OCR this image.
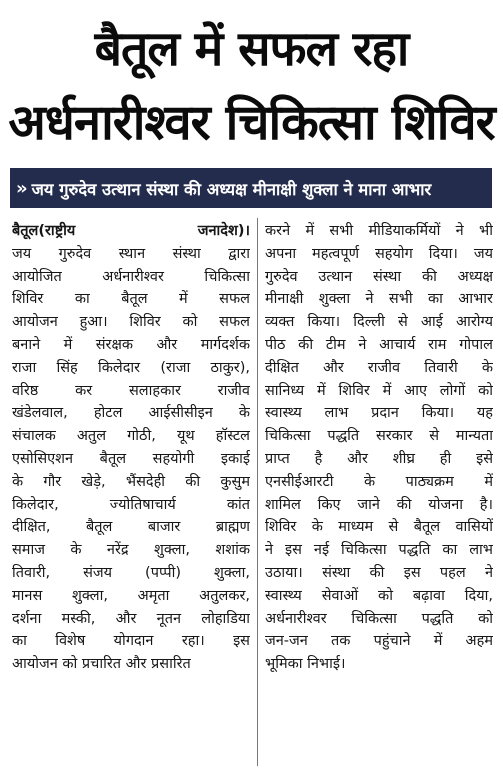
बैतूल में सफल रहा
अर्धनारीश्वर चिकित्सा शिविर
» जय गुरुदेव उत्थान संस्था की अध्यक्ष मीनाक्षी शुक्ला ने माना आभार
बैतूल(राष्ट्रीय जनादेश)।
जय गुरुदेव स्थान संस्था द्वारा
आयोजित अर्धनारीश्वर चिकित्सा
शिविर का बैतूल में सफल
आयोजन हुआ। शिविर को सफल
बनाने में संरक्षक और मार्गदर्शक
राजा सिंह किलेदार (राजा ठाकुर),
वरिष्ठ कर सलाहकार राजीव
खंडेलवाल, होटल आईसीसीइन के
संचालक अतुल गोठी, यूथ हॉस्टल
एसोसिएशन बैतूल सहयोगी इकाई
के गौर खेड़े, भैंसदेही की कुसुम
किलेदार, ज्योतिषाचार्य कांत
दीक्षित, बैतूल बाजार ब्राह्मण
समाज के नरेंद्र शुक्ला, शशांक
तिवारी, संजय (पप्पी) शुक्ला,
मानस शुक्ला, अमृता अतुलकर,
दर्शना मस्की, और नूतन लोहाडिया
का विशेष योगदान रहा। इस
आयोजन को प्रचारित और प्रसारित
करने में सभी मीडियाकर्मियों ने भी
अपना महत्वपूर्ण सहयोग दिया। जय
गुरुदेव उत्थान संस्था की अध्यक्ष
मीनाक्षी शुक्ला ने सभी का आभार
व्यक्त किया। दिल्ली से आई आरोग्य
पीठ की टीम ने आचार्य राम गोपाल
दीक्षित और राजीव तिवारी के
सानिध्य में शिविर में आए लोगों को
स्वास्थ्य लाभ प्रदान किया। यह
चिकित्सा पद्धति सरकार से मान्यता
प्राप्त है और शीघ्र ही इसे
एनसीईआरटी के पाठ्यक्रम में
शामिल किए जाने की योजना है।
शिविर के माध्यम से बैतूल वासियों
ने इस नई चिकित्सा पद्धति का लाभ
उठाया। संस्था की इस पहल ने
स्वास्थ्य सेवाओं को बढ़ावा दिया,
अर्धनारीश्वर चिकित्सा पद्धति को
जन-जन तक पहुंचाने में अहम
भूमिका निभाई।
